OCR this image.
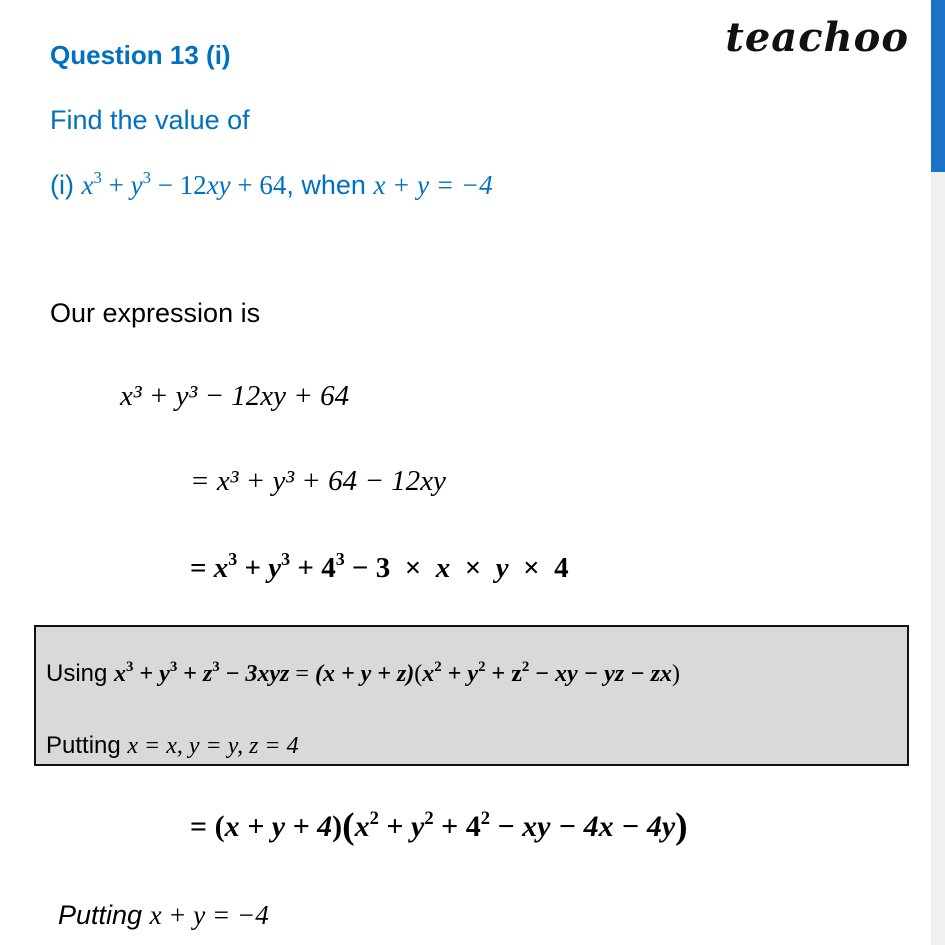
Question 13 (i)	teachoo
Find the value of
(i) $x^3 + y^3 - 12xy + 64$, when x + y = −4
Our expression is
x³ + y³ − 12xy + 64
= x³ + y³ + 64 − 12xy
= $x^3 + y^3 + 4^3 - 3 \times x \times y \times 4$
Using $x^3 + y^3 + z^3 - 3xyz = (x + y + z)(x^2 + y^2 + z^2$ − xy − yz − zx)
Putting x = x, y = y, z = 4
= $(x + y + 4)(x^2 + y^2 + 4^2$ − xy − 4x − 4y)
Putting x + y = −4
